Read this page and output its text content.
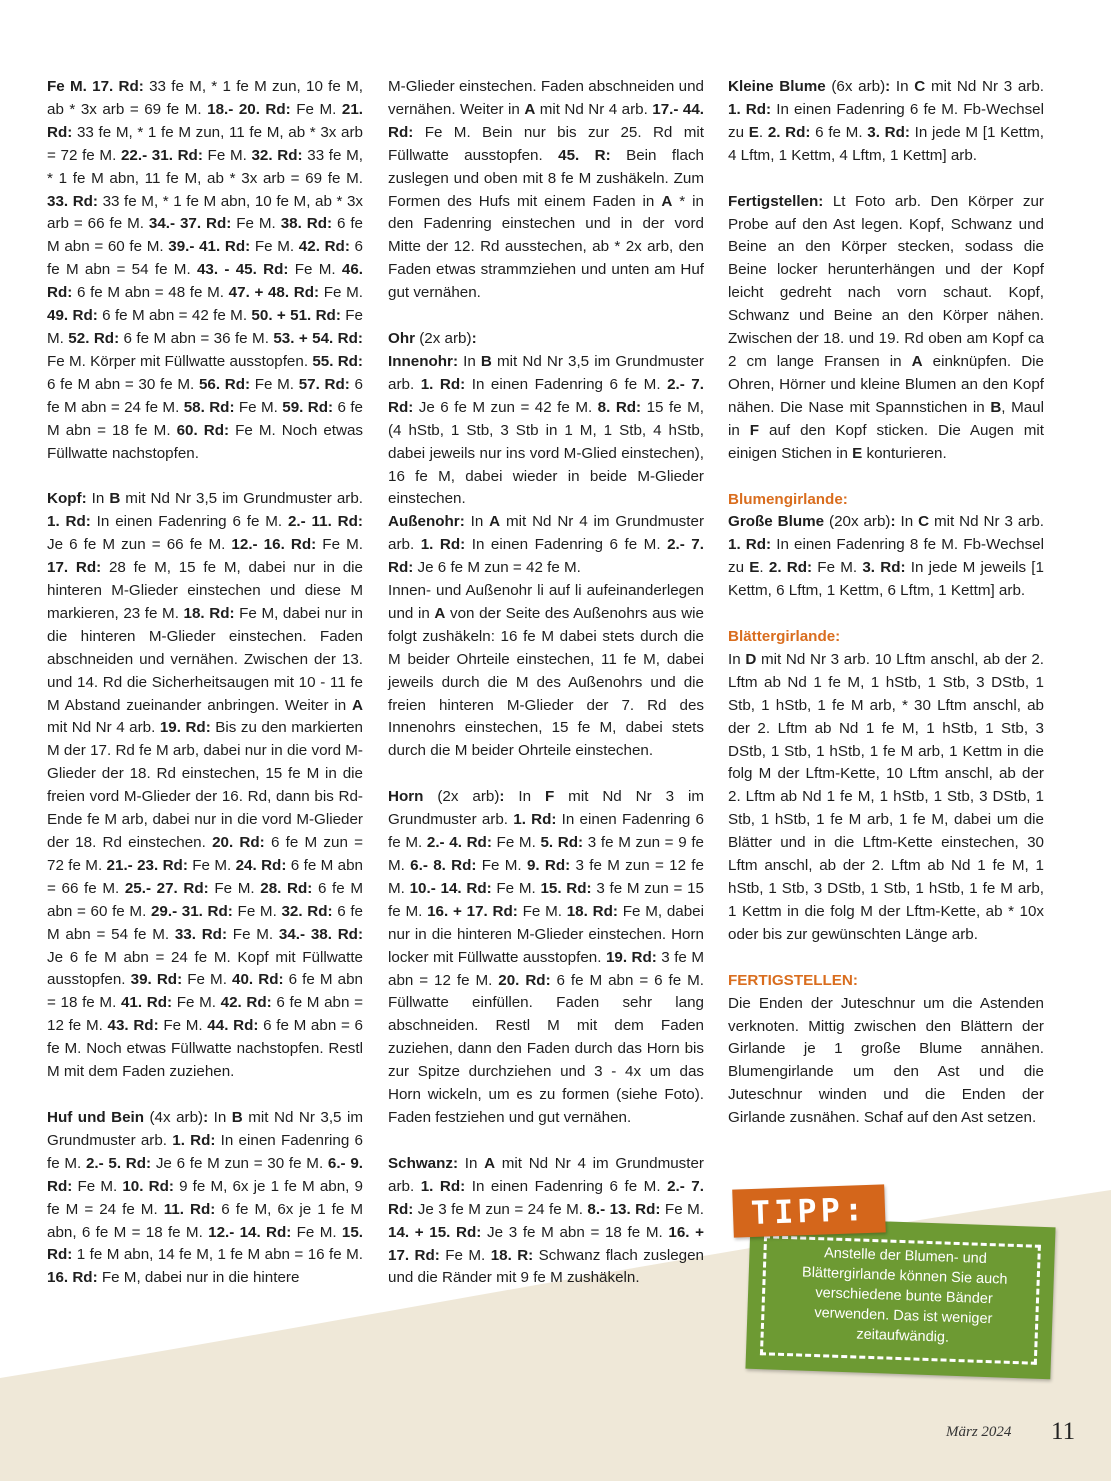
Fe M. 17. Rd: 33 fe M, * 1 fe M zun, 10 fe M, ab * 3x arb = 69 fe M. 18.- 20. Rd: Fe M. 21. Rd: 33 fe M, * 1 fe M zun, 11 fe M, ab * 3x arb = 72 fe M. 22.- 31. Rd: Fe M. 32. Rd: 33 fe M, * 1 fe M abn, 11 fe M, ab * 3x arb = 69 fe M. 33. Rd: 33 fe M, * 1 fe M abn, 10 fe M, ab * 3x arb = 66 fe M. 34.- 37. Rd: Fe M. 38. Rd: 6 fe M abn = 60 fe M. 39.- 41. Rd: Fe M. 42. Rd: 6 fe M abn = 54 fe M. 43. - 45. Rd: Fe M. 46. Rd: 6 fe M abn = 48 fe M. 47. + 48. Rd: Fe M. 49. Rd: 6 fe M abn = 42 fe M. 50. + 51. Rd: Fe M. 52. Rd: 6 fe M abn = 36 fe M. 53. + 54. Rd: Fe M. Körper mit Füllwatte ausstopfen. 55. Rd: 6 fe M abn = 30 fe M. 56. Rd: Fe M. 57. Rd: 6 fe M abn = 24 fe M. 58. Rd: Fe M. 59. Rd: 6 fe M abn = 18 fe M. 60. Rd: Fe M. Noch etwas Füllwatte nachstopfen.

Kopf: In B mit Nd Nr 3,5 im Grundmuster arb. 1. Rd: In einen Fadenring 6 fe M. 2.- 11. Rd: Je 6 fe M zun = 66 fe M. 12.- 16. Rd: Fe M. 17. Rd: 28 fe M, 15 fe M, dabei nur in die hinteren M-Glieder einstechen und diese M markieren, 23 fe M. 18. Rd: Fe M, dabei nur in die hinteren M-Glieder einstechen. Faden abschneiden und vernähen. Zwischen der 13. und 14. Rd die Sicherheitsaugen mit 10 - 11 fe M Abstand zueinander anbringen. Weiter in A mit Nd Nr 4 arb. 19. Rd: Bis zu den markierten M der 17. Rd fe M arb, dabei nur in die vord M-Glieder der 18. Rd einstechen, 15 fe M in die freien vord M-Glieder der 16. Rd, dann bis Rd-Ende fe M arb, dabei nur in die vord M-Glieder der 18. Rd einstechen. 20. Rd: 6 fe M zun = 72 fe M. 21.- 23. Rd: Fe M. 24. Rd: 6 fe M abn = 66 fe M. 25.- 27. Rd: Fe M. 28. Rd: 6 fe M abn = 60 fe M. 29.- 31. Rd: Fe M. 32. Rd: 6 fe M abn = 54 fe M. 33. Rd: Fe M. 34.- 38. Rd: Je 6 fe M abn = 24 fe M. Kopf mit Füllwatte ausstopfen. 39. Rd: Fe M. 40. Rd: 6 fe M abn = 18 fe M. 41. Rd: Fe M. 42. Rd: 6 fe M abn = 12 fe M. 43. Rd: Fe M. 44. Rd: 6 fe M abn = 6 fe M. Noch etwas Füllwatte nachstopfen. Restl M mit dem Faden zuziehen.

Huf und Bein (4x arb): In B mit Nd Nr 3,5 im Grundmuster arb. 1. Rd: In einen Fadenring 6 fe M. 2.- 5. Rd: Je 6 fe M zun = 30 fe M. 6.- 9. Rd: Fe M. 10. Rd: 9 fe M, 6x je 1 fe M abn, 9 fe M = 24 fe M. 11. Rd: 6 fe M, 6x je 1 fe M abn, 6 fe M = 18 fe M. 12.- 14. Rd: Fe M. 15. Rd: 1 fe M abn, 14 fe M, 1 fe M abn = 16 fe M. 16. Rd: Fe M, dabei nur in die hintere

M-Glieder einstechen. Faden abschneiden und vernähen. Weiter in A mit Nd Nr 4 arb. 17.- 44. Rd: Fe M. Bein nur bis zur 25. Rd mit Füllwatte ausstopfen. 45. R: Bein flach zuslegen und oben mit 8 fe M zushäkeln. Zum Formen des Hufs mit einem Faden in A * in den Fadenring einstechen und in der vord Mitte der 12. Rd ausstechen, ab * 2x arb, den Faden etwas strammziehen und unten am Huf gut vernähen.

Ohr (2x arb):
Innenohr: In B mit Nd Nr 3,5 im Grundmuster arb. 1. Rd: In einen Fadenring 6 fe M. 2.- 7. Rd: Je 6 fe M zun = 42 fe M. 8. Rd: 15 fe M, (4 hStb, 1 Stb, 3 Stb in 1 M, 1 Stb, 4 hStb, dabei jeweils nur ins vord M-Glied einstechen), 16 fe M, dabei wieder in beide M-Glieder einstechen.
Außenohr: In A mit Nd Nr 4 im Grundmuster arb. 1. Rd: In einen Fadenring 6 fe M. 2.- 7. Rd: Je 6 fe M zun = 42 fe M.
Innen- und Außenohr li auf li aufeinanderlegen und in A von der Seite des Außenohrs aus wie folgt zushäkeln: 16 fe M dabei stets durch die M beider Ohrteile einstechen, 11 fe M, dabei jeweils durch die M des Außenohrs und die freien hinteren M-Glieder der 7. Rd des Innenohrs einstechen, 15 fe M, dabei stets durch die M beider Ohrteile einstechen.

Horn (2x arb): In F mit Nd Nr 3 im Grundmuster arb. 1. Rd: In einen Fadenring 6 fe M. 2.- 4. Rd: Fe M. 5. Rd: 3 fe M zun = 9 fe M. 6.- 8. Rd: Fe M. 9. Rd: 3 fe M zun = 12 fe M. 10.- 14. Rd: Fe M. 15. Rd: 3 fe M zun = 15 fe M. 16. + 17. Rd: Fe M. 18. Rd: Fe M, dabei nur in die hinteren M-Glieder einstechen. Horn locker mit Füllwatte ausstopfen. 19. Rd: 3 fe M abn = 12 fe M. 20. Rd: 6 fe M abn = 6 fe M. Füllwatte einfüllen. Faden sehr lang abschneiden. Restl M mit dem Faden zuziehen, dann den Faden durch das Horn bis zur Spitze durchziehen und 3 - 4x um das Horn wickeln, um es zu formen (siehe Foto). Faden festziehen und gut vernähen.

Schwanz: In A mit Nd Nr 4 im Grundmuster arb. 1. Rd: In einen Fadenring 6 fe M. 2.- 7. Rd: Je 3 fe M zun = 24 fe M. 8.- 13. Rd: Fe M. 14. + 15. Rd: Je 3 fe M abn = 18 fe M. 16. + 17. Rd: Fe M. 18. R: Schwanz flach zuslegen und die Ränder mit 9 fe M zushäkeln.

Kleine Blume (6x arb): In C mit Nd Nr 3 arb. 1. Rd: In einen Fadenring 6 fe M. Fb-Wechsel zu E. 2. Rd: 6 fe M. 3. Rd: In jede M [1 Kettm, 4 Lftm, 1 Kettm, 4 Lftm, 1 Kettm] arb.

Fertigstellen: Lt Foto arb. Den Körper zur Probe auf den Ast legen. Kopf, Schwanz und Beine an den Körper stecken, sodass die Beine locker herunterhängen und der Kopf leicht gedreht nach vorn schaut. Kopf, Schwanz und Beine an den Körper nähen. Zwischen der 18. und 19. Rd oben am Kopf ca 2 cm lange Fransen in A einknüpfen. Die Ohren, Hörner und kleine Blumen an den Kopf nähen. Die Nase mit Spannstichen in B, Maul in F auf den Kopf sticken. Die Augen mit einigen Stichen in E konturieren.

Blumengirlande:

Große Blume (20x arb): In C mit Nd Nr 3 arb. 1. Rd: In einen Fadenring 8 fe M. Fb-Wechsel zu E. 2. Rd: Fe M. 3. Rd: In jede M jeweils [1 Kettm, 6 Lftm, 1 Kettm, 6 Lftm, 1 Kettm] arb.

Blättergirlande:

In D mit Nd Nr 3 arb. 10 Lftm anschl, ab der 2. Lftm ab Nd 1 fe M, 1 hStb, 1 Stb, 3 DStb, 1 Stb, 1 hStb, 1 fe M arb, * 30 Lftm anschl, ab der 2. Lftm ab Nd 1 fe M, 1 hStb, 1 Stb, 3 DStb, 1 Stb, 1 hStb, 1 fe M arb, 1 Kettm in die folg M der Lftm-Kette, 10 Lftm anschl, ab der 2. Lftm ab Nd 1 fe M, 1 hStb, 1 Stb, 3 DStb, 1 Stb, 1 hStb, 1 fe M arb, 1 fe M, dabei um die Blätter und in die Lftm-Kette einstechen, 30 Lftm anschl, ab der 2. Lftm ab Nd 1 fe M, 1 hStb, 1 Stb, 3 DStb, 1 Stb, 1 hStb, 1 fe M arb, 1 Kettm in die folg M der Lftm-Kette, ab * 10x oder bis zur gewünschten Länge arb.

FERTIGSTELLEN:

Die Enden der Juteschnur um die Astenden verknoten. Mittig zwischen den Blättern der Girlande je 1 große Blume annähen. Blumengirlande um den Ast und die Juteschnur winden und die Enden der Girlande zusnähen. Schaf auf den Ast setzen.

Anstelle der Blumen- und Blättergirlande können Sie auch verschiedene bunte Bänder verwenden. Das ist weniger zeitaufwändig.
TIPP:
März 2024 11
